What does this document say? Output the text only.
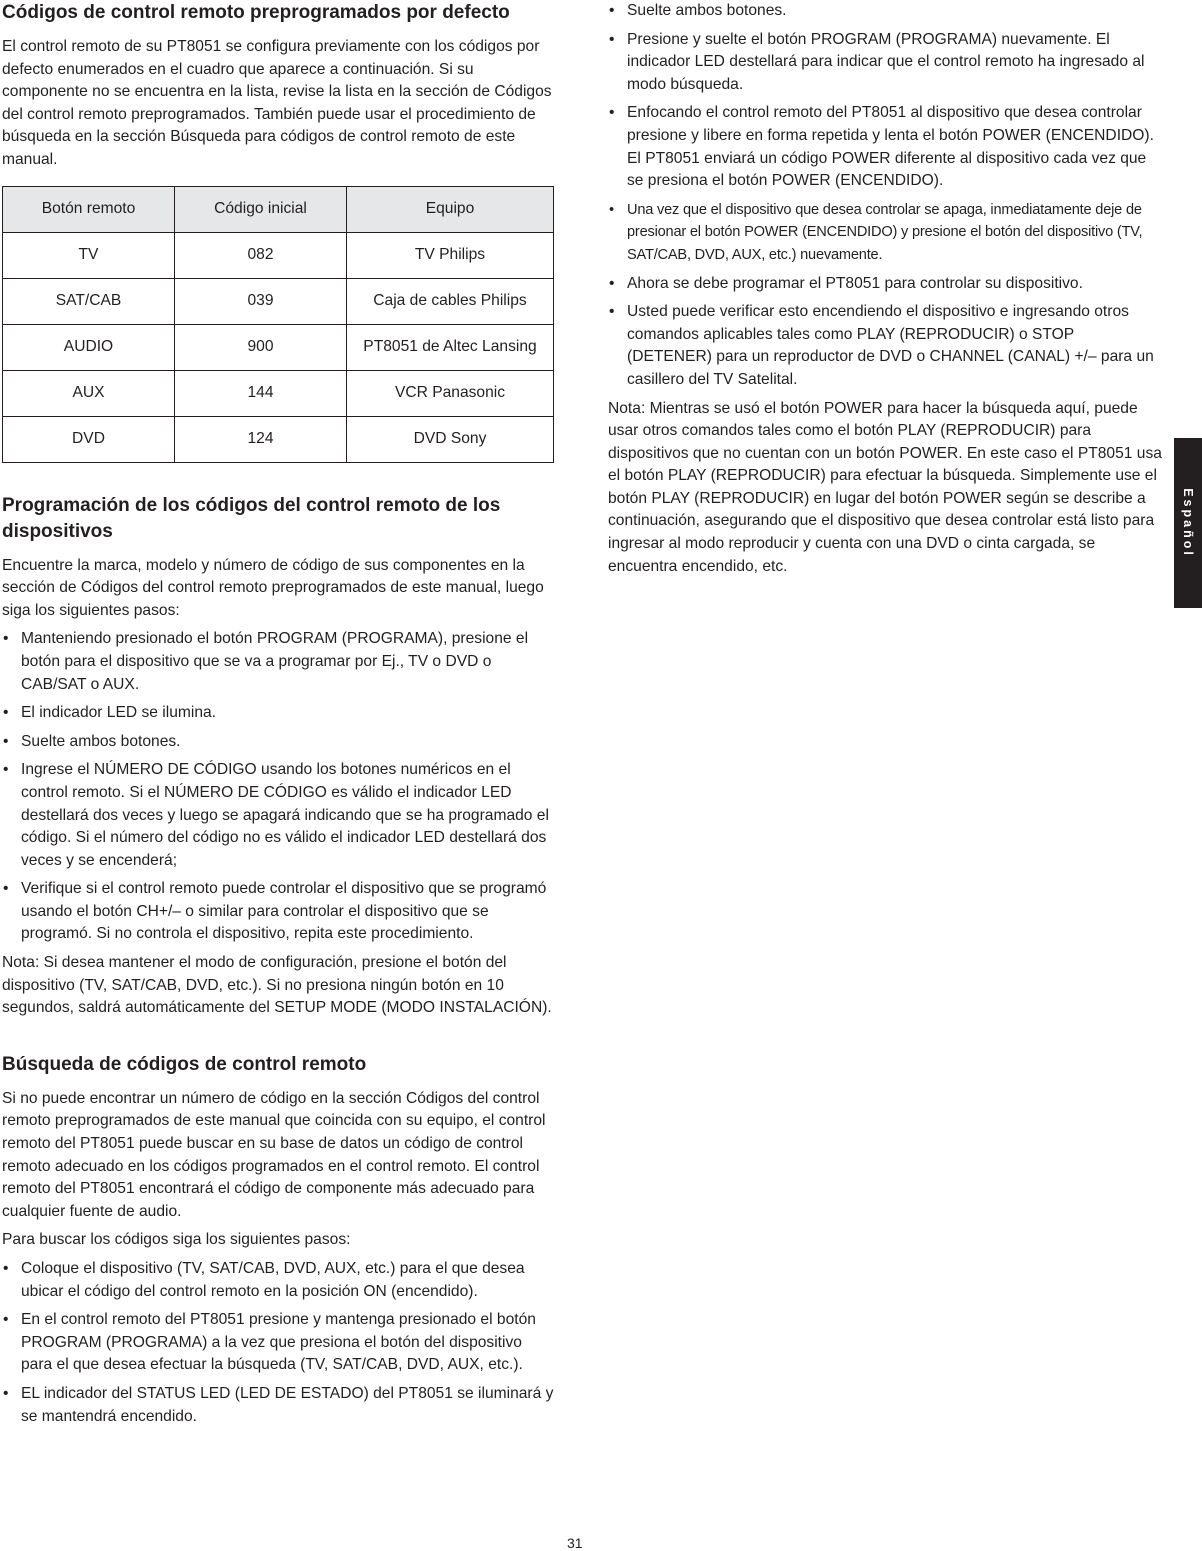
Códigos de control remoto preprogramados por defecto

El control remoto de su PT8051 se configura previamente con los códigos por defecto enumerados en el cuadro que aparece a continuación. Si su componente no se encuentra en la lista, revise la lista en la sección de Códigos del control remoto preprogramados. También puede usar el procedimiento de búsqueda en la sección Búsqueda para códigos de control remoto de este manual.

Botón remoto	Código inicial	Equipo
TV	082	TV Philips
SAT/CAB	039	Caja de cables Philips
AUDIO	900	PT8051 de Altec Lansing
AUX	144	VCR Panasonic
DVD	124	DVD Sony
Programación de los códigos del control remoto de los dispositivos

Encuentre la marca, modelo y número de código de sus componentes en la sección de Códigos del control remoto preprogramados de este manual, luego siga los siguientes pasos:

• Manteniendo presionado el botón PROGRAM (PROGRAMA), presione el botón para el dispositivo que se va a programar por Ej., TV o DVD o CAB/SAT o AUX.
• El indicador LED se ilumina.
• Suelte ambos botones.
• Ingrese el NÚMERO DE CÓDIGO usando los botones numéricos en el control remoto. Si el NÚMERO DE CÓDIGO es válido el indicador LED destellará dos veces y luego se apagará indicando que se ha programado el código. Si el número del código no es válido el indicador LED destellará dos veces y se encenderá;
• Verifique si el control remoto puede controlar el dispositivo que se programó usando el botón CH+/– o similar para controlar el dispositivo que se programó. Si no controla el dispositivo, repita este procedimiento.

Nota: Si desea mantener el modo de configuración, presione el botón del dispositivo (TV, SAT/CAB, DVD, etc.). Si no presiona ningún botón en 10 segundos, saldrá automáticamente del SETUP MODE (MODO INSTALACIÓN).

Búsqueda de códigos de control remoto

Si no puede encontrar un número de código en la sección Códigos del control remoto preprogramados de este manual que coincida con su equipo, el control remoto del PT8051 puede buscar en su base de datos un código de control remoto adecuado en los códigos programados en el control remoto. El control remoto del PT8051 encontrará el código de componente más adecuado para cualquier fuente de audio.

Para buscar los códigos siga los siguientes pasos:

• Coloque el dispositivo (TV, SAT/CAB, DVD, AUX, etc.) para el que desea ubicar el código del control remoto en la posición ON (encendido).
• En el control remoto del PT8051 presione y mantenga presionado el botón PROGRAM (PROGRAMA) a la vez que presiona el botón del dispositivo para el que desea efectuar la búsqueda (TV, SAT/CAB, DVD, AUX, etc.).
• EL indicador del STATUS LED (LED DE ESTADO) del PT8051 se iluminará y se mantendrá encendido.
• Suelte ambos botones.
• Presione y suelte el botón PROGRAM (PROGRAMA) nuevamente. El indicador LED destellará para indicar que el control remoto ha ingresado al modo búsqueda.
• Enfocando el control remoto del PT8051 al dispositivo que desea controlar presione y libere en forma repetida y lenta el botón POWER (ENCENDIDO). El PT8051 enviará un código POWER diferente al dispositivo cada vez que se presiona el botón POWER (ENCENDIDO).
• Una vez que el dispositivo que desea controlar se apaga, inmediatamente deje de presionar el botón POWER (ENCENDIDO) y presione el botón del dispositivo (TV, SAT/CAB, DVD, AUX, etc.) nuevamente.
• Ahora se debe programar el PT8051 para controlar su dispositivo.
• Usted puede verificar esto encendiendo el dispositivo e ingresando otros comandos aplicables tales como PLAY (REPRODUCIR) o STOP (DETENER) para un reproductor de DVD o CHANNEL (CANAL) +/– para un casillero del TV Satelital.

Nota: Mientras se usó el botón POWER para hacer la búsqueda aquí, puede usar otros comandos tales como el botón PLAY (REPRODUCIR) para dispositivos que no cuentan con un botón POWER. En este caso el PT8051 usa el botón PLAY (REPRODUCIR) para efectuar la búsqueda. Simplemente use el botón PLAY (REPRODUCIR) en lugar del botón POWER según se describe a continuación, asegurando que el dispositivo que desea controlar está listo para ingresar al modo reproducir y cuenta con una DVD o cinta cargada, se encuentra encendido, etc.

Español
31
